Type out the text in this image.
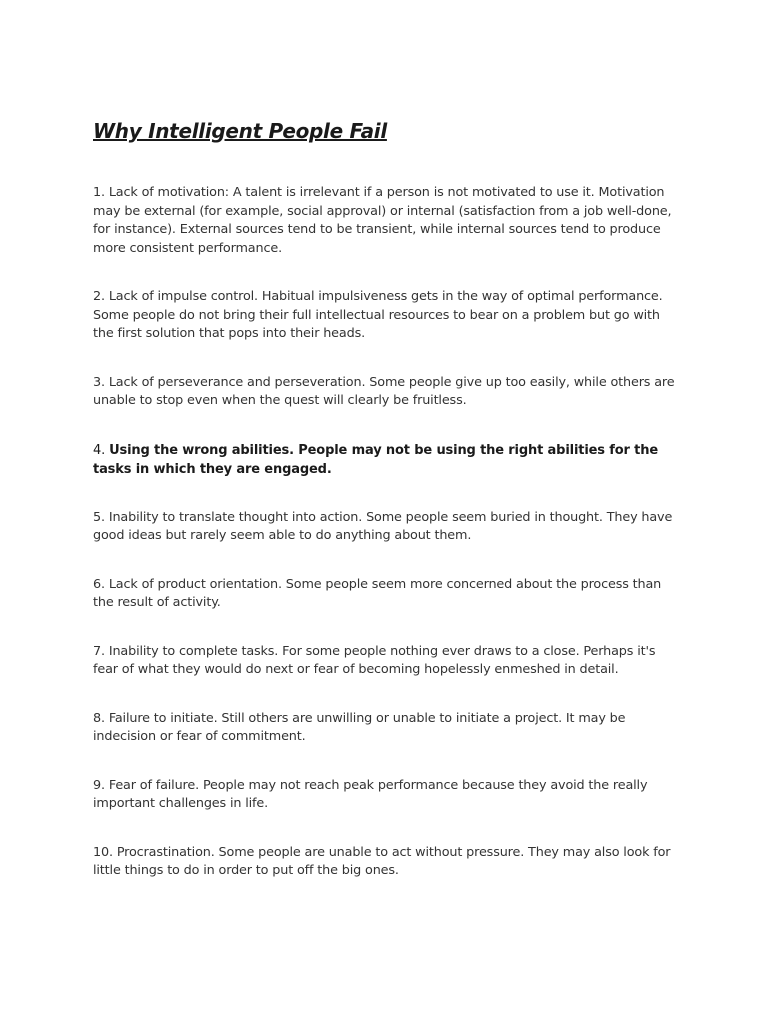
Why Intelligent People Fail

1. Lack of motivation: A talent is irrelevant if a person is not motivated to use it. Motivation may be external (for example, social approval) or internal (satisfaction from a job well-done, for instance). External sources tend to be transient, while internal sources tend to produce more consistent performance.

2. Lack of impulse control. Habitual impulsiveness gets in the way of optimal performance. Some people do not bring their full intellectual resources to bear on a problem but go with the first solution that pops into their heads.

3. Lack of perseverance and perseveration. Some people give up too easily, while others are unable to stop even when the quest will clearly be fruitless.

4. Using the wrong abilities. People may not be using the right abilities for the tasks in which they are engaged.

5. Inability to translate thought into action. Some people seem buried in thought. They have good ideas but rarely seem able to do anything about them.

6. Lack of product orientation. Some people seem more concerned about the process than the result of activity.

7. Inability to complete tasks. For some people nothing ever draws to a close. Perhaps it's fear of what they would do next or fear of becoming hopelessly enmeshed in detail.

8. Failure to initiate. Still others are unwilling or unable to initiate a project. It may be indecision or fear of commitment.

9. Fear of failure. People may not reach peak performance because they avoid the really important challenges in life.

10. Procrastination. Some people are unable to act without pressure. They may also look for little things to do in order to put off the big ones.
